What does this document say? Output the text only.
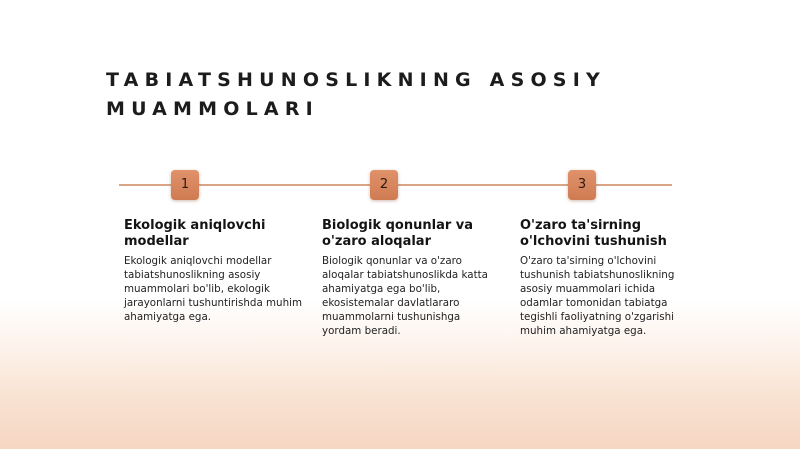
TABIATSHUNOSLIKNING ASOSIY
MUAMMOLARI
1	2	3
Ekologik aniqlovchi modellar

Ekologik aniqlovchi modellar tabiatshunoslikning asosiy muammolari bo'lib, ekologik jarayonlarni tushuntirishda muhim ahamiyatga ega.

Biologik qonunlar va o'zaro aloqalar

Biologik qonunlar va o'zaro aloqalar tabiatshunoslikda katta ahamiyatga ega bo'lib, ekosistemalar davlatlararo muammolarni tushunishga yordam beradi.

O'zaro ta'sirning o'lchovini tushunish

O'zaro ta'sirning o'lchovini tushunish tabiatshunoslikning asosiy muammolari ichida odamlar tomonidan tabiatga tegishli faoliyatning o'zgarishi muhim ahamiyatga ega.
